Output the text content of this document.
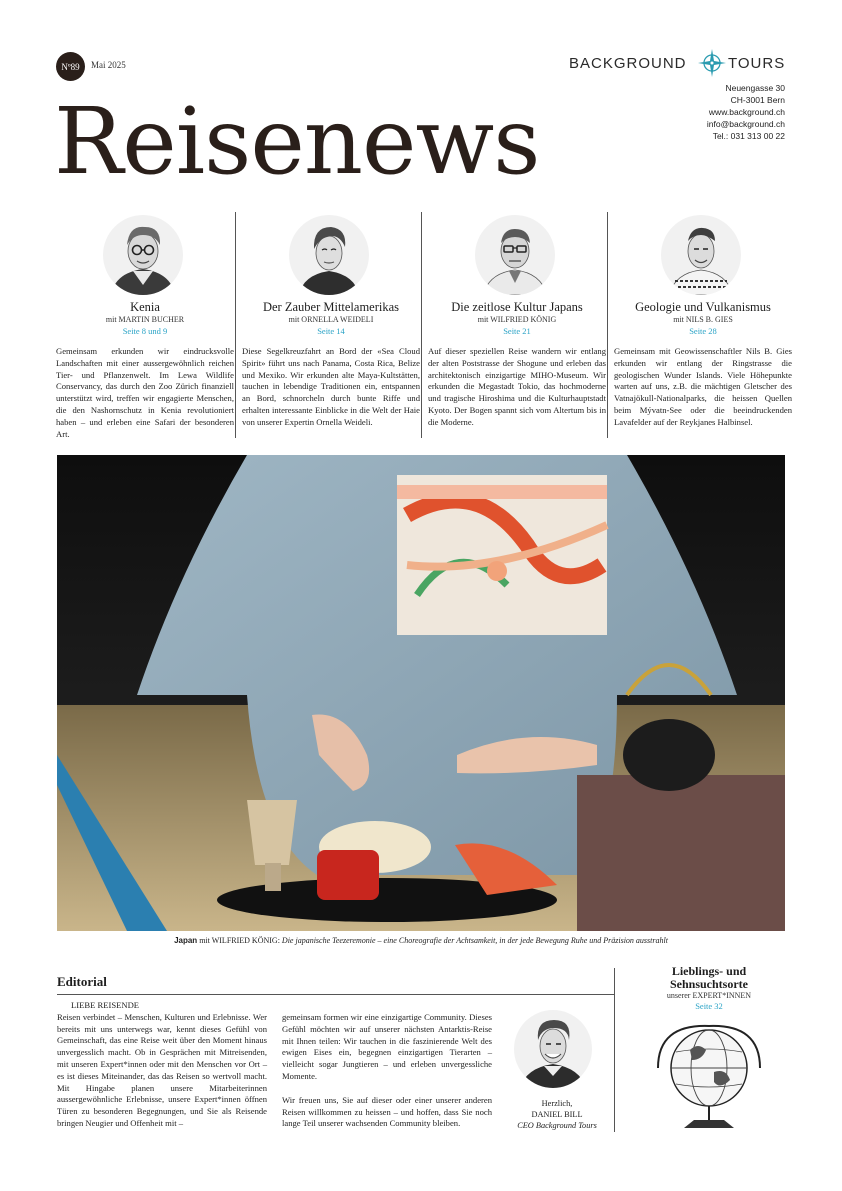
Nº89 Mai 2025
Reisenews
BACKGROUND	TOURS
Neuengasse 30
CH-3001 Bern
www.background.ch
info@background.ch
Tel.: 031 313 00 22
Kenia
mit MARTIN BUCHER
Seite 8 und 9
Gemeinsam erkunden wir eindrucksvolle Landschaften mit einer aussergewöhnlich reichen Tier- und Pflanzenwelt. Im Lewa Wildlife Conservancy, das durch den Zoo Zürich finanziell unterstützt wird, treffen wir engagierte Menschen, die den Nashornschutz in Kenia revolutioniert haben – und erleben eine Safari der besonderen Art.
Der Zauber Mittelamerikas
mit ORNELLA WEIDELI
Seite 14
Diese Segelkreuzfahrt an Bord der «Sea Cloud Spirit» führt uns nach Panama, Costa Rica, Belize und Mexiko. Wir erkunden alte Maya-Kultstätten, tauchen in lebendige Traditionen ein, entspannen an Bord, schnorcheln durch bunte Riffe und erhalten interessante Einblicke in die Welt der Haie von unserer Expertin Ornella Weideli.
Die zeitlose Kultur Japans
mit WILFRIED KÖNIG
Seite 21
Auf dieser speziellen Reise wandern wir entlang der alten Poststrasse der Shogune und erleben das architektonisch einzigartige MIHO-Museum. Wir erkunden die Megastadt Tokio, das hochmoderne und tragische Hiroshima und die Kulturhauptstadt Kyoto. Der Bogen spannt sich vom Altertum bis in die Moderne.
Geologie und Vulkanismus
mit NILS B. GIES
Seite 28
Gemeinsam mit Geowissenschaftler Nils B. Gies erkunden wir entlang der Ringstrasse die geologischen Wunder Islands. Viele Höhepunkte warten auf uns, z.B. die mächtigen Gletscher des Vatnajökull-Nationalparks, die heissen Quellen beim Mývatn-See oder die beeindruckenden Lavafelder auf der Reykjanes Halbinsel.
Japan mit WILFRIED KÖNIG: Die japanische Teezeremonie – eine Choreografie der Achtsamkeit, in der jede Bewegung Ruhe und Präzision ausstrahlt
Editorial
LIEBE REISENDE
Reisen verbindet – Menschen, Kulturen und Erlebnisse. Wer bereits mit uns unterwegs war, kennt dieses Gefühl von Gemeinschaft, das eine Reise weit über den Moment hinaus unvergesslich macht. Ob in Gesprächen mit Mitreisenden, mit unseren Expert*innen oder mit den Menschen vor Ort – es ist dieses Miteinander, das das Reisen so wertvoll macht. Mit Hingabe planen unsere Mitarbeiterinnen aussergewöhnliche Erlebnisse, unsere Expert*innen öffnen Türen zu besonderen Begegnungen, und Sie als Reisende bringen Neugier und Offenheit mit –
gemeinsam formen wir eine einzigartige Community. Dieses Gefühl möchten wir auf unserer nächsten Antarktis-Reise mit Ihnen teilen: Wir tauchen in die faszinierende Welt des ewigen Eises ein, begegnen einzigartigen Tierarten – vielleicht sogar Jungtieren – und erleben unvergessliche Momente.
Wir freuen uns, Sie auf dieser oder einer unserer anderen Reisen willkommen zu heissen – und hoffen, dass Sie noch lange Teil unserer wachsenden Community bleiben.
Herzlich,
DANIEL BILL
CEO Background Tours
Lieblings- und Sehnsuchtsorte
unserer EXPERT*INNEN
Seite 32
